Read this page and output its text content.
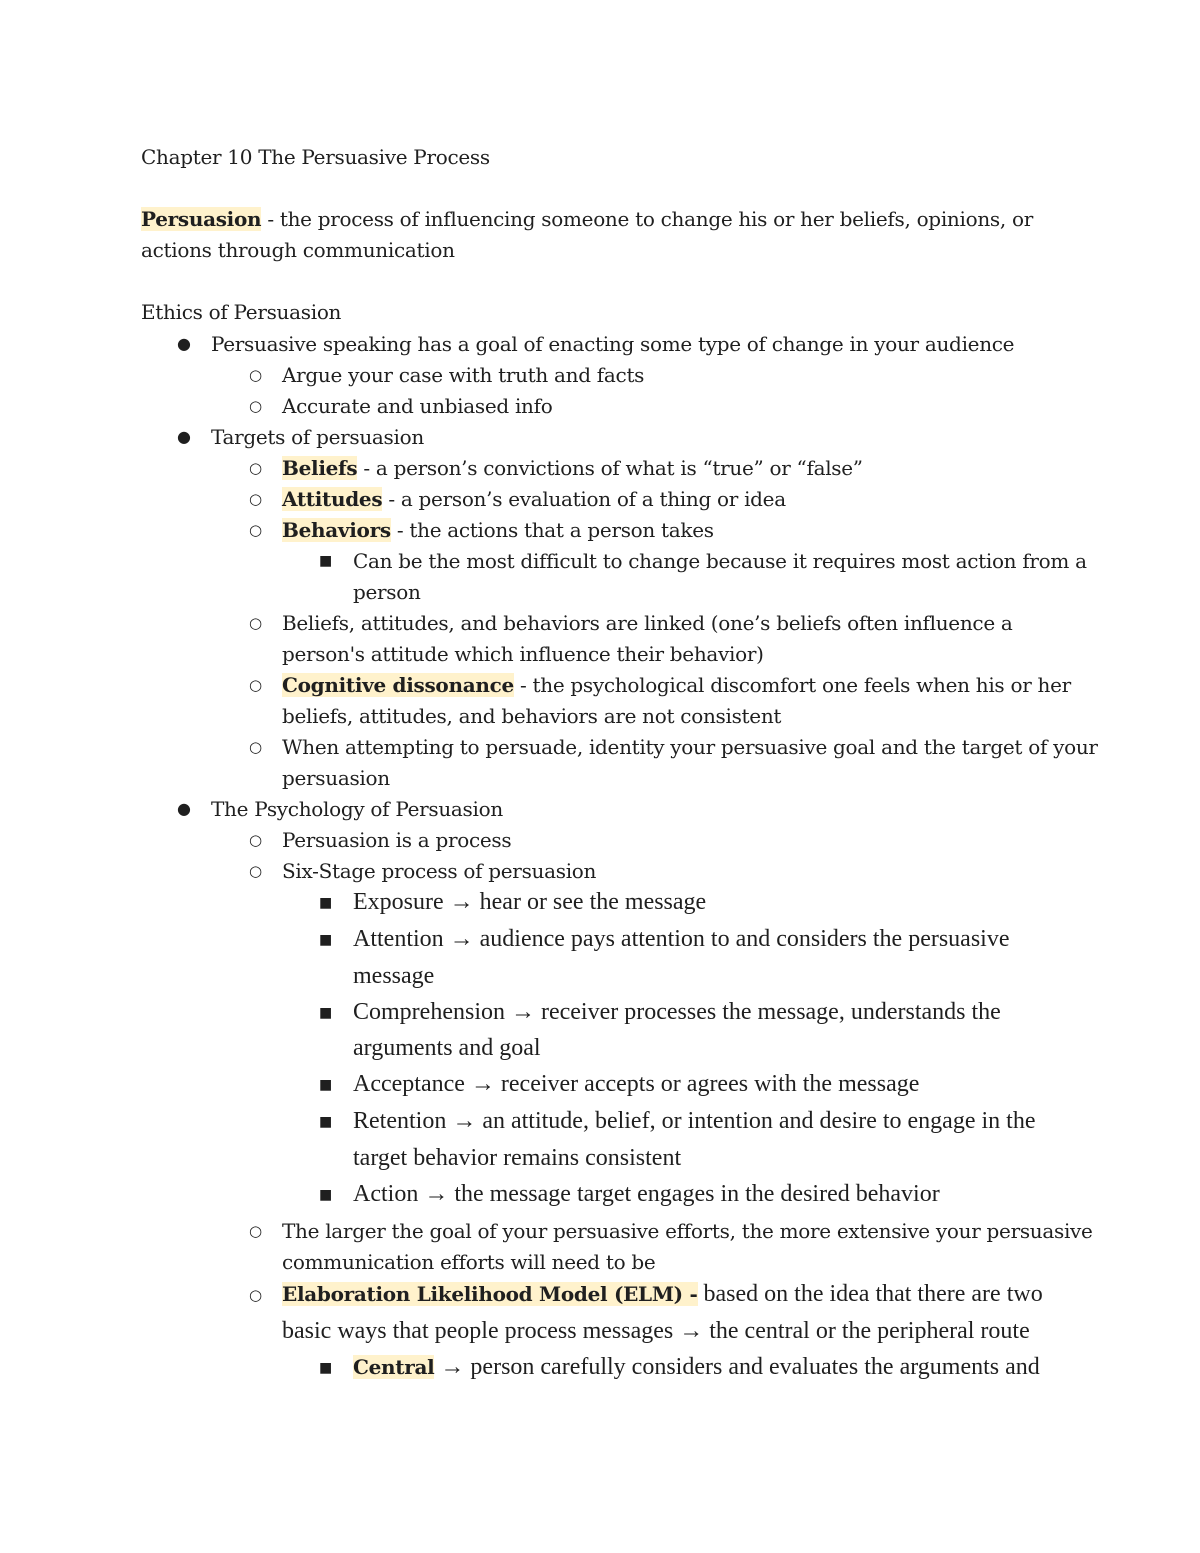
Chapter 10 The Persuasive Process
Persuasion - the process of influencing someone to change his or her beliefs, opinions, or
actions through communication
Ethics of Persuasion
● Persuasive speaking has a goal of enacting some type of change in your audience
○ Argue your case with truth and facts
○ Accurate and unbiased info
● Targets of persuasion
○ Beliefs - a person’s convictions of what is “true” or “false”
○ Attitudes - a person’s evaluation of a thing or idea
○ Behaviors - the actions that a person takes
■ Can be the most difficult to change because it requires most action from a
person
○ Beliefs, attitudes, and behaviors are linked (one’s beliefs often influence a
person's attitude which influence their behavior)
○ Cognitive dissonance - the psychological discomfort one feels when his or her
beliefs, attitudes, and behaviors are not consistent
○ When attempting to persuade, identity your persuasive goal and the target of your
persuasion
● The Psychology of Persuasion
○ Persuasion is a process
○ Six-Stage process of persuasion
■ Exposure → hear or see the message
■ Attention → audience pays attention to and considers the persuasive
message
■ Comprehension → receiver processes the message, understands the
arguments and goal
■ Acceptance → receiver accepts or agrees with the message
■ Retention → an attitude, belief, or intention and desire to engage in the
target behavior remains consistent
■ Action → the message target engages in the desired behavior
○ The larger the goal of your persuasive efforts, the more extensive your persuasive
communication efforts will need to be
○ Elaboration Likelihood Model (ELM) - based on the idea that there are two
basic ways that people process messages → the central or the peripheral route
■ Central → person carefully considers and evaluates the arguments and
